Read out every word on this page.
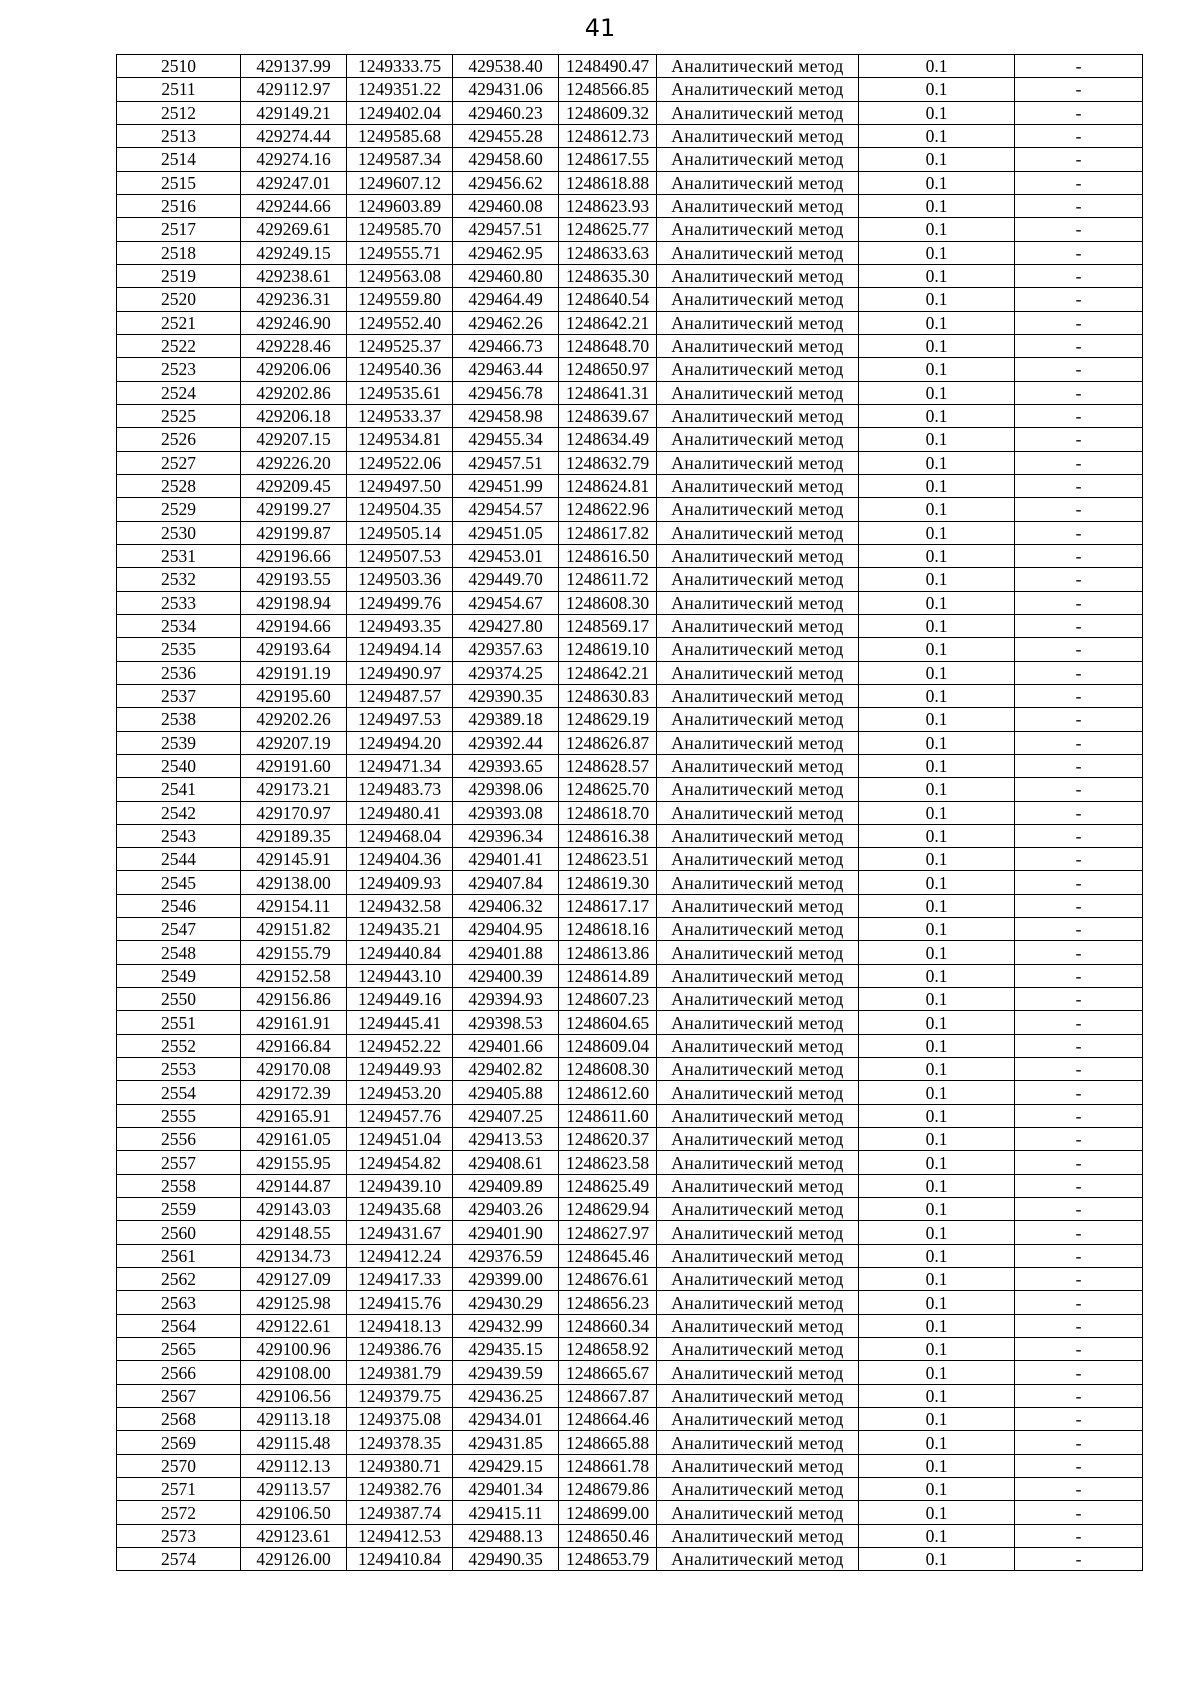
41
2510	429137.99	1249333.75	429538.40	1248490.47	Аналитический метод	0.1	-
2511	429112.97	1249351.22	429431.06	1248566.85	Аналитический метод	0.1	-
2512	429149.21	1249402.04	429460.23	1248609.32	Аналитический метод	0.1	-
2513	429274.44	1249585.68	429455.28	1248612.73	Аналитический метод	0.1	-
2514	429274.16	1249587.34	429458.60	1248617.55	Аналитический метод	0.1	-
2515	429247.01	1249607.12	429456.62	1248618.88	Аналитический метод	0.1	-
2516	429244.66	1249603.89	429460.08	1248623.93	Аналитический метод	0.1	-
2517	429269.61	1249585.70	429457.51	1248625.77	Аналитический метод	0.1	-
2518	429249.15	1249555.71	429462.95	1248633.63	Аналитический метод	0.1	-
2519	429238.61	1249563.08	429460.80	1248635.30	Аналитический метод	0.1	-
2520	429236.31	1249559.80	429464.49	1248640.54	Аналитический метод	0.1	-
2521	429246.90	1249552.40	429462.26	1248642.21	Аналитический метод	0.1	-
2522	429228.46	1249525.37	429466.73	1248648.70	Аналитический метод	0.1	-
2523	429206.06	1249540.36	429463.44	1248650.97	Аналитический метод	0.1	-
2524	429202.86	1249535.61	429456.78	1248641.31	Аналитический метод	0.1	-
2525	429206.18	1249533.37	429458.98	1248639.67	Аналитический метод	0.1	-
2526	429207.15	1249534.81	429455.34	1248634.49	Аналитический метод	0.1	-
2527	429226.20	1249522.06	429457.51	1248632.79	Аналитический метод	0.1	-
2528	429209.45	1249497.50	429451.99	1248624.81	Аналитический метод	0.1	-
2529	429199.27	1249504.35	429454.57	1248622.96	Аналитический метод	0.1	-
2530	429199.87	1249505.14	429451.05	1248617.82	Аналитический метод	0.1	-
2531	429196.66	1249507.53	429453.01	1248616.50	Аналитический метод	0.1	-
2532	429193.55	1249503.36	429449.70	1248611.72	Аналитический метод	0.1	-
2533	429198.94	1249499.76	429454.67	1248608.30	Аналитический метод	0.1	-
2534	429194.66	1249493.35	429427.80	1248569.17	Аналитический метод	0.1	-
2535	429193.64	1249494.14	429357.63	1248619.10	Аналитический метод	0.1	-
2536	429191.19	1249490.97	429374.25	1248642.21	Аналитический метод	0.1	-
2537	429195.60	1249487.57	429390.35	1248630.83	Аналитический метод	0.1	-
2538	429202.26	1249497.53	429389.18	1248629.19	Аналитический метод	0.1	-
2539	429207.19	1249494.20	429392.44	1248626.87	Аналитический метод	0.1	-
2540	429191.60	1249471.34	429393.65	1248628.57	Аналитический метод	0.1	-
2541	429173.21	1249483.73	429398.06	1248625.70	Аналитический метод	0.1	-
2542	429170.97	1249480.41	429393.08	1248618.70	Аналитический метод	0.1	-
2543	429189.35	1249468.04	429396.34	1248616.38	Аналитический метод	0.1	-
2544	429145.91	1249404.36	429401.41	1248623.51	Аналитический метод	0.1	-
2545	429138.00	1249409.93	429407.84	1248619.30	Аналитический метод	0.1	-
2546	429154.11	1249432.58	429406.32	1248617.17	Аналитический метод	0.1	-
2547	429151.82	1249435.21	429404.95	1248618.16	Аналитический метод	0.1	-
2548	429155.79	1249440.84	429401.88	1248613.86	Аналитический метод	0.1	-
2549	429152.58	1249443.10	429400.39	1248614.89	Аналитический метод	0.1	-
2550	429156.86	1249449.16	429394.93	1248607.23	Аналитический метод	0.1	-
2551	429161.91	1249445.41	429398.53	1248604.65	Аналитический метод	0.1	-
2552	429166.84	1249452.22	429401.66	1248609.04	Аналитический метод	0.1	-
2553	429170.08	1249449.93	429402.82	1248608.30	Аналитический метод	0.1	-
2554	429172.39	1249453.20	429405.88	1248612.60	Аналитический метод	0.1	-
2555	429165.91	1249457.76	429407.25	1248611.60	Аналитический метод	0.1	-
2556	429161.05	1249451.04	429413.53	1248620.37	Аналитический метод	0.1	-
2557	429155.95	1249454.82	429408.61	1248623.58	Аналитический метод	0.1	-
2558	429144.87	1249439.10	429409.89	1248625.49	Аналитический метод	0.1	-
2559	429143.03	1249435.68	429403.26	1248629.94	Аналитический метод	0.1	-
2560	429148.55	1249431.67	429401.90	1248627.97	Аналитический метод	0.1	-
2561	429134.73	1249412.24	429376.59	1248645.46	Аналитический метод	0.1	-
2562	429127.09	1249417.33	429399.00	1248676.61	Аналитический метод	0.1	-
2563	429125.98	1249415.76	429430.29	1248656.23	Аналитический метод	0.1	-
2564	429122.61	1249418.13	429432.99	1248660.34	Аналитический метод	0.1	-
2565	429100.96	1249386.76	429435.15	1248658.92	Аналитический метод	0.1	-
2566	429108.00	1249381.79	429439.59	1248665.67	Аналитический метод	0.1	-
2567	429106.56	1249379.75	429436.25	1248667.87	Аналитический метод	0.1	-
2568	429113.18	1249375.08	429434.01	1248664.46	Аналитический метод	0.1	-
2569	429115.48	1249378.35	429431.85	1248665.88	Аналитический метод	0.1	-
2570	429112.13	1249380.71	429429.15	1248661.78	Аналитический метод	0.1	-
2571	429113.57	1249382.76	429401.34	1248679.86	Аналитический метод	0.1	-
2572	429106.50	1249387.74	429415.11	1248699.00	Аналитический метод	0.1	-
2573	429123.61	1249412.53	429488.13	1248650.46	Аналитический метод	0.1	-
2574	429126.00	1249410.84	429490.35	1248653.79	Аналитический метод	0.1	-
